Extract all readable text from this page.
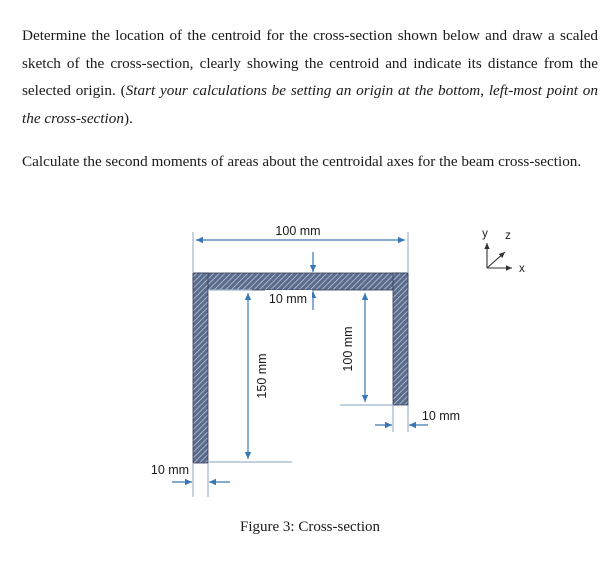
Determine the location of the centroid for the cross-section shown below and draw a scaled sketch of the cross-section, clearly showing the centroid and indicate its distance from the selected origin. (Start your calculations be setting an origin at the bottom, left-most point on the cross-section).
Calculate the second moments of areas about the centroidal axes for the beam cross-section.
100 mm
10 mm
150 mm
100 mm
10 mm
10 mm
y z
x
Figure 3: Cross-section
